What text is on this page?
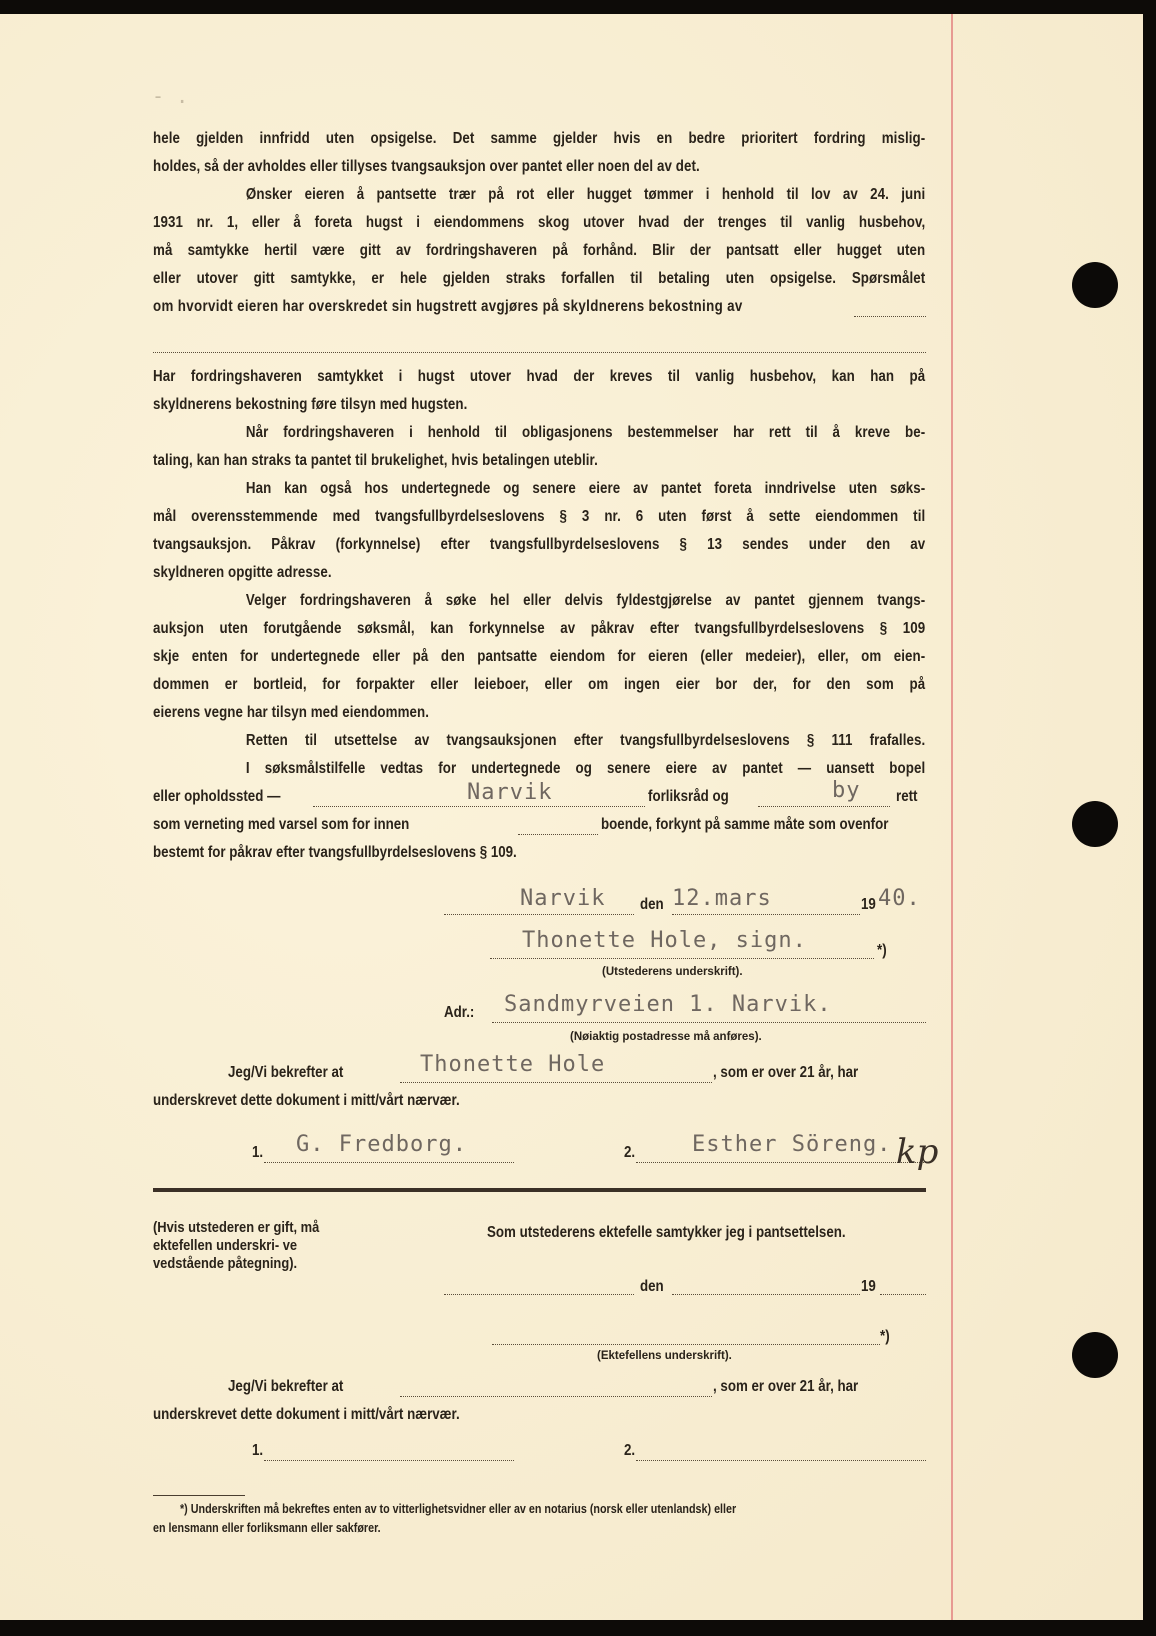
- .
hele gjelden innfridd uten opsigelse. Det samme gjelder hvis en bedre prioritert fordring mislig-
holdes, så der avholdes eller tillyses tvangsauksjon over pantet eller noen del av det.
Ønsker eieren å pantsette trær på rot eller hugget tømmer i henhold til lov av 24. juni
1931 nr. 1, eller å foreta hugst i eiendommens skog utover hvad der trenges til vanlig husbehov,
må samtykke hertil være gitt av fordringshaveren på forhånd. Blir der pantsatt eller hugget uten
eller utover gitt samtykke, er hele gjelden straks forfallen til betaling uten opsigelse. Spørsmålet
om hvorvidt eieren har overskredet sin hugstrett avgjøres på skyldnerens bekostning av
Har fordringshaveren samtykket i hugst utover hvad der kreves til vanlig husbehov, kan han på
skyldnerens bekostning føre tilsyn med hugsten.
Når fordringshaveren i henhold til obligasjonens bestemmelser har rett til å kreve be-
taling, kan han straks ta pantet til brukelighet, hvis betalingen uteblir.
Han kan også hos undertegnede og senere eiere av pantet foreta inndrivelse uten søks-
mål overensstemmende med tvangsfullbyrdelseslovens § 3 nr. 6 uten først å sette eiendommen til
tvangsauksjon. Påkrav (forkynnelse) efter tvangsfullbyrdelseslovens § 13 sendes under den av
skyldneren opgitte adresse.
Velger fordringshaveren å søke hel eller delvis fyldestgjørelse av pantet gjennem tvangs-
auksjon uten forutgående søksmål, kan forkynnelse av påkrav efter tvangsfullbyrdelseslovens § 109
skje enten for undertegnede eller på den pantsatte eiendom for eieren (eller medeier), eller, om eien-
dommen er bortleid, for forpakter eller leieboer, eller om ingen eier bor der, for den som på
eierens vegne har tilsyn med eiendommen.
Retten til utsettelse av tvangsauksjonen efter tvangsfullbyrdelseslovens § 111 frafalles.
I søksmålstilfelle vedtas for undertegnede og senere eiere av pantet — uansett bopel
eller opholdssted —	Narvik	forliksråd og	by rett
som verneting med varsel som for innen	boende, forkynt på samme måte som ovenfor
bestemt for påkrav efter tvangsfullbyrdelseslovens § 109.
Narvik den 12.mars	19 40.
Thonette Hole, sign.	*)
(Utstederens underskrift).
Adr.: Sandmyrveien 1. Narvik.
(Nøiaktig postadresse må anføres).
Jeg/Vi bekrefter at	Thonette Hole	, som er over 21 år, har
underskrevet dette dokument i mitt/vårt nærvær.
1. G. Fredborg.	2.	Esther Söreng. kp
(Hvis utstederen er gift, må ektefellen underskri- ve vedstående påtegning).
Som utstederens ektefelle samtykker jeg i pantsettelsen.
den	19
*)
(Ektefellens underskrift).
Jeg/Vi bekrefter at	, som er over 21 år, har
underskrevet dette dokument i mitt/vårt nærvær.
1.	2.
*) Underskriften må bekreftes enten av to vitterlighetsvidner eller av en notarius (norsk eller utenlandsk) eller
en lensmann eller forliksmann eller sakfører.
